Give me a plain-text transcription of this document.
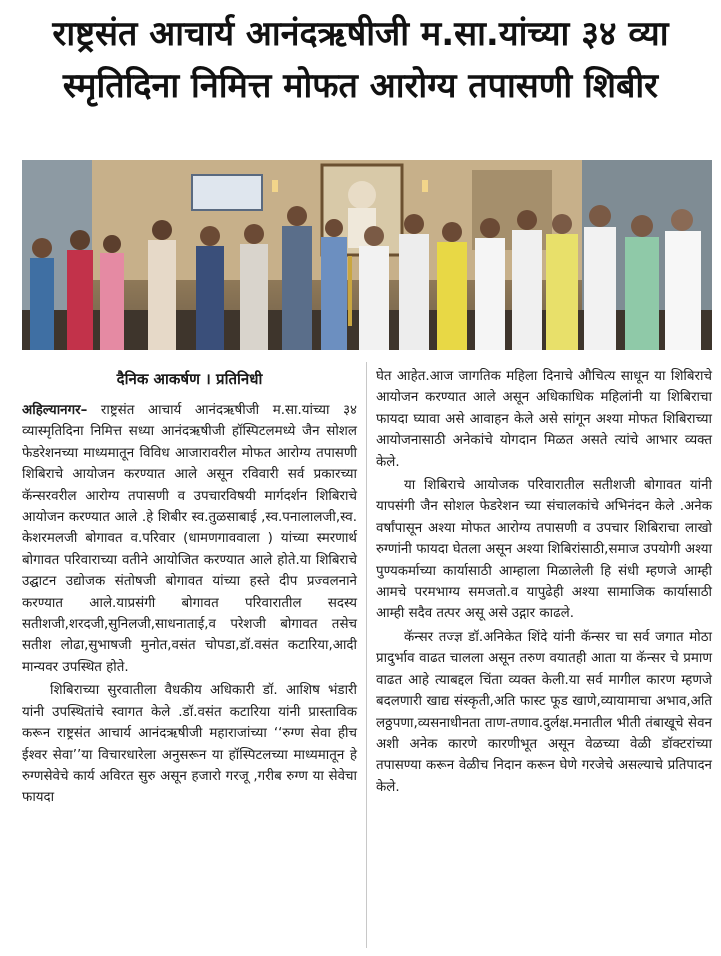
राष्ट्रसंत आचार्य आनंदऋषीजी म.सा.यांच्या ३४ व्या
स्मृतिदिना निमित्त मोफत आरोग्य तपासणी शिबीर
दैनिक आकर्षण । प्रतिनिधी

अहिल्यानगर– राष्ट्रसंत आचार्य आनंदऋषीजी म.सा.यांच्या ३४ व्यास्मृतिदिना निमित्त सध्या आनंदऋषीजी हॉस्पिटलमध्ये जैन सोशल फेडरेशनच्या माध्यमातून विविध आजारावरील मोफत आरोग्य तपासणी शिबिराचे आयोजन करण्यात आले असून रविवारी सर्व प्रकारच्या कॅन्सरवरील आरोग्य तपासणी व उपचारविषयी मार्गदर्शन शिबिराचे आयोजन करण्यात आले .हे शिबीर स्व.तुळसाबाई ,स्व.पनालालजी,स्व. केशरमलजी बोगावत व.परिवार (धामणगाववाला ) यांच्या स्मरणार्थ बोगावत परिवाराच्या वतीने आयोजित करण्यात आले होते.या शिबिराचे उद्घाटन उद्योजक संतोषजी बोगावत यांच्या हस्ते दीप प्रज्वलनाने करण्यात आले.याप्रसंगी बोगावत परिवारातील सदस्य सतीशजी,शरदजी,सुनिलजी,साधनाताई,व परेशजी बोगावत तसेच सतीश लोढा,सुभाषजी मुनोत,वसंत चोपडा,डॉ.वसंत कटारिया,आदी मान्यवर उपस्थित होते.

शिबिराच्या सुरवातीला वैधकीय अधिकारी डॉ. आशिष भंडारी यांनी उपस्थितांचे स्वागत केले .डॉ.वसंत कटारिया यांनी प्रास्ताविक करून राष्ट्रसंत आचार्य आनंदऋषीजी महाराजांच्या ‘‘रुग्ण सेवा हीच ईश्वर सेवा’’या विचारधारेला अनुसरून या हॉस्पिटलच्या माध्यमातून हे रुग्णसेवेचे कार्य अविरत सुरु असून हजारो गरजू ,गरीब रुग्ण या सेवेचा फायदा

घेत आहेत.आज जागतिक महिला दिनाचे औचित्य साधून या शिबिराचे आयोजन करण्यात आले असून अधिकाधिक महिलांनी या शिबिराचा फायदा घ्यावा असे आवाहन केले असे सांगून अश्या मोफत शिबिराच्या आयोजनासाठी अनेकांचे योगदान मिळत असते त्यांचे आभार व्यक्त केले.

या शिबिराचे आयोजक परिवारातील सतीशजी बोगावत यांनी यापसंगी जैन सोशल फेडरेशन च्या संचालकांचे अभिनंदन केले .अनेक वर्षांपासून अश्या मोफत आरोग्य तपासणी व उपचार शिबिराचा लाखो रुग्णांनी फायदा घेतला असून अश्या शिबिरांसाठी,समाज उपयोगी अश्या पुण्यकर्माच्या कार्यासाठी आम्हाला मिळालेली हि संधी म्हणजे आम्ही आमचे परमभाग्य समजतो.व यापुढेही अश्या सामाजिक कार्यासाठी आम्ही सदैव तत्पर असू असे उद्गार काढले.

कॅन्सर तज्ज्ञ डॉ.अनिकेत शिंदे यांनी कॅन्सर चा सर्व जगात मोठा प्रादुर्भाव वाढत चालला असून तरुण वयातही आता या कॅन्सर चे प्रमाण वाढत आहे त्याबद्दल चिंता व्यक्त केली.या सर्व मागील कारण म्हणजे बदलणारी खाद्य संस्कृती,अति फास्ट फूड खाणे,व्यायामाचा अभाव,अति लठ्ठपणा,व्यसनाधीनता ताण-तणाव.दुर्लक्ष.मनातील भीती तंबाखूचे सेवन अशी अनेक कारणे कारणीभूत असून वेळच्या वेळी डॉक्टरांच्या तपासण्या करून वेळीच निदान करून घेणे गरजेचे असल्याचे प्रतिपादन केले.
